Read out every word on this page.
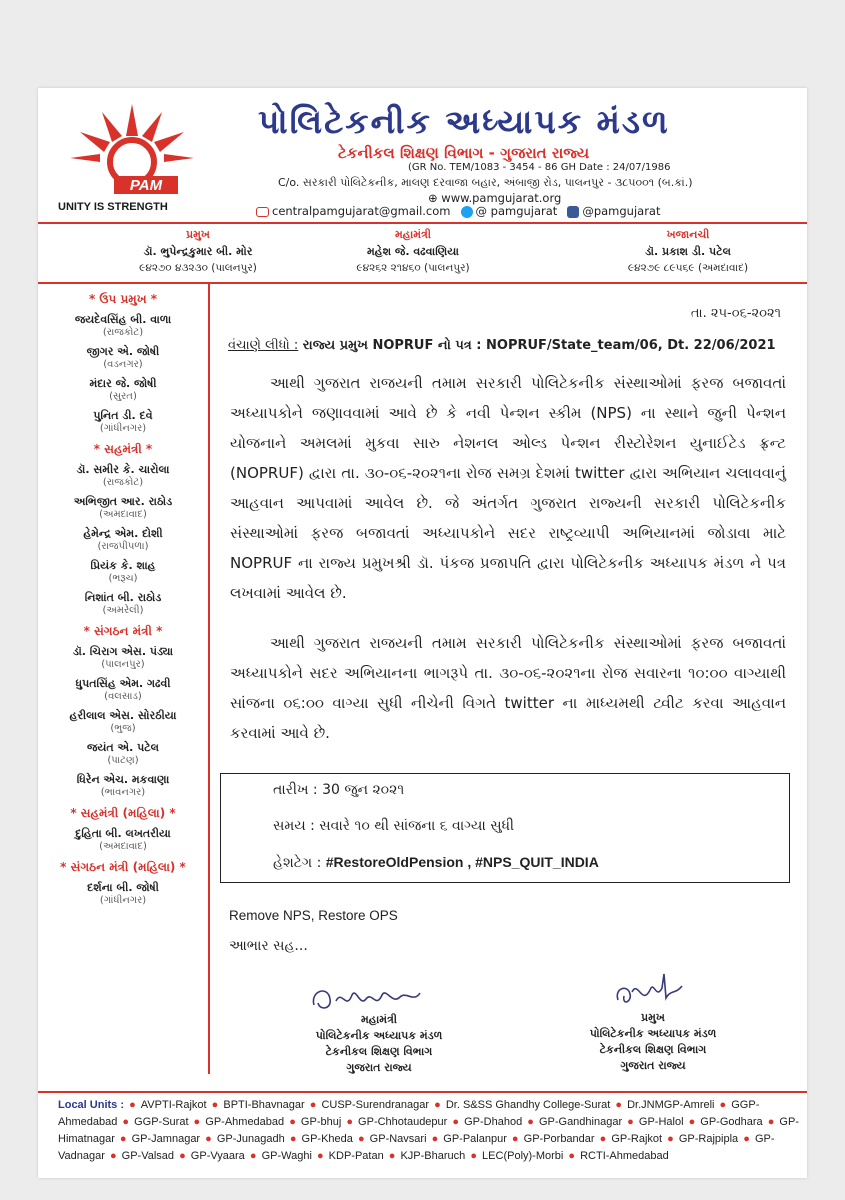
PAM
UNITY IS STRENGTH
પોલિટેકનીક અધ્યાપક મંડળ
ટેકનીકલ શિક્ષણ વિભાગ - ગુજરાત રાજ્ય
(GR No. TEM/1083 - 3454 - 86 GH Date : 24/07/1986
C/o. સરકારી પોલિટેકનીક, માલણ દરવાજા બહાર, અંબાજી રોડ, પાલનપુર - ૩૮૫૦૦૧ (બ.કાં.)
⊕ www.pamgujarat.org
centralpamgujarat@gmail.com	@ pamgujarat	@pamgujarat
પ્રમુખ
ડૉ. ભુપેન્દ્રકુમાર બી. મોર
૯૪૨૭૦ ૪૩૨૩૦ (પાલનપુર)
મહામંત્રી
મહેશ જે. વઢવાણિયા
૯૪૨૬૨ ૨૧૪૬૦ (પાલનપુર)
ખજાનચી
ડૉ. પ્રકાશ ડી. પટેલ
૯૪૨૭૯ ૮૯૫૬૯ (અમદાવાદ)
* ઉપ પ્રમુખ *
જયદેવસિંહ બી. વાળા
(રાજકોટ)
જીગર એ. જોષી
(વડનગર)
મંદાર જે. જોષી
(સુરત)
પુનિત ડી. દવે
(ગાંધીનગર)
* સહમંત્રી *
ડૉ. સમીર કે. ચારોલા
(રાજકોટ)
અભિજીત આર. રાઠોડ
(અમદાવાદ)
હેમેન્દ્ર એમ. દોશી
(રાજપીપળા)
પ્રિયંક કે. શાહ
(ભરૂચ)
નિશાંત બી. રાઠોડ
(અમરેલી)
* સંગઠન મંત્રી *
ડૉ. ચિરાગ એસ. પંડ્યા
(પાલનપુર)
ધુપતસિંહ એમ. ગઢવી
(વલસાડ)
હરીલાલ એસ. સોરઠીયા
(ભુજ)
જયંત એ. પટેલ
(પાટણ)
ધિરેન એચ. મકવાણા
(ભાવનગર)
* સહમંત્રી (મહિલા) *
દુહિતા બી. લખતરીયા
(અમદાવાદ)
* સંગઠન મંત્રી (મહિલા) *
દર્શના બી. જોષી
(ગાંધીનગર)
તા. ૨૫-૦૬-૨૦૨૧
વંચાણે લીધો : રાજ્ય પ્રમુખ NOPRUF નો પત્ર : NOPRUF/State_team/06, Dt. 22/06/2021
આથી ગુજરાત રાજયની તમામ સરકારી પોલિટેકનીક સંસ્થાઓમાં ફરજ બજાવતાં અધ્યાપકોને જણાવવામાં આવે છે કે નવી પેન્શન સ્કીમ (NPS) ના સ્થાને જુની પેન્શન યોજનાને અમલમાં મુકવા સારુ નેશનલ ઓલ્ડ પેન્શન રીસ્ટોરેશન યુનાઈટેડ ફ્રન્ટ (NOPRUF) દ્વારા તા. ૩૦-૦૬-૨૦૨૧ના રોજ સમગ્ર દેશમાં twitter દ્વારા અભિયાન ચલાવવાનું આહવાન આપવામાં આવેલ છે. જે અંતર્ગત ગુજરાત રાજ્યની સરકારી પોલિટેકનીક સંસ્થાઓમાં ફરજ બજાવતાં અધ્યાપકોને સદર રાષ્ટ્રવ્યાપી અભિયાનમાં જોડાવા માટે NOPRUF ના રાજ્ય પ્રમુખશ્રી ડૉ. પંકજ પ્રજાપતિ દ્વારા પોલિટેકનીક અધ્યાપક મંડળ ને પત્ર લખવામાં આવેલ છે.
આથી ગુજરાત રાજયની તમામ સરકારી પોલિટેકનીક સંસ્થાઓમાં ફરજ બજાવતાં અધ્યાપકોને સદર અભિયાનના ભાગરૂપે તા. ૩૦-૦૬-૨૦૨૧ના રોજ સવારના ૧૦:૦૦ વાગ્યાથી સાંજના ૦૬:૦૦ વાગ્યા સુધી નીચેની વિગતે twitter ના માધ્યમથી ટ્વીટ કરવા આહવાન કરવામાં આવે છે.
તારીખ : 30 જુન ૨૦૨૧
સમય : સવારે ૧૦ થી સાંજના ૬ વાગ્યા સુધી
હેશટેગ : #RestoreOldPension , #NPS_QUIT_INDIA
Remove NPS, Restore OPS
આભાર સહ...
મહામંત્રી
પોલિટેકનીક અધ્યાપક મંડળ
ટેકનીકલ શિક્ષણ વિભાગ
ગુજરાત રાજ્ય
પ્રમુખ
પોલિટેકનીક અધ્યાપક મંડળ
ટેકનીકલ શિક્ષણ વિભાગ
ગુજરાત રાજ્ય
Local Units : ● AVPTI-Rajkot ● BPTI-Bhavnagar ● CUSP-Surendranagar ● Dr. S&SS Ghandhy College-Surat ● Dr.JNMGP-Amreli ● GGP-Ahmedabad ● GGP-Surat ● GP-Ahmedabad ● GP-bhuj ● GP-Chhotaudepur ● GP-Dhahod ● GP-Gandhinagar ● GP-Halol ● GP-Godhara ● GP-Himatnagar ● GP-Jamnagar ● GP-Junagadh ● GP-Kheda ● GP-Navsari ● GP-Palanpur ● GP-Porbandar ● GP-Rajkot ● GP-Rajpipla ● GP-Vadnagar ● GP-Valsad ● GP-Vyaara ● GP-Waghi ● KDP-Patan ● KJP-Bharuch ● LEC(Poly)-Morbi ● RCTI-Ahmedabad
